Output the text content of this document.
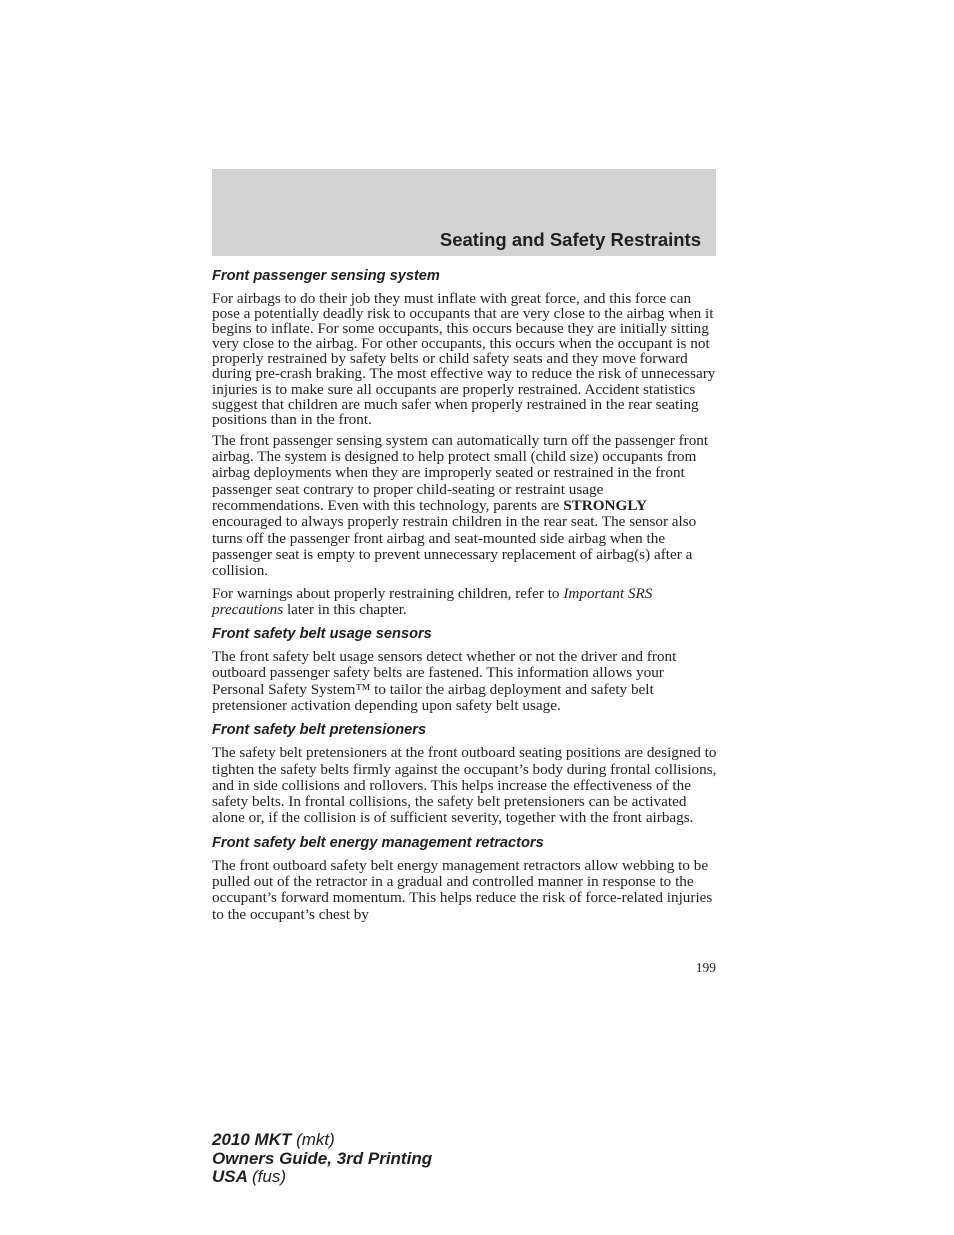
Seating and Safety Restraints
Front passenger sensing system

For airbags to do their job they must inflate with great force, and this force can pose a potentially deadly risk to occupants that are very close to the airbag when it begins to inflate. For some occupants, this occurs because they are initially sitting very close to the airbag. For other occupants, this occurs when the occupant is not properly restrained by safety belts or child safety seats and they move forward during pre-crash braking. The most effective way to reduce the risk of unnecessary injuries is to make sure all occupants are properly restrained. Accident statistics suggest that children are much safer when properly restrained in the rear seating positions than in the front.

The front passenger sensing system can automatically turn off the passenger front airbag. The system is designed to help protect small (child size) occupants from airbag deployments when they are improperly seated or restrained in the front passenger seat contrary to proper child-seating or restraint usage recommendations. Even with this technology, parents are STRONGLY encouraged to always properly restrain children in the rear seat. The sensor also turns off the passenger front airbag and seat-mounted side airbag when the passenger seat is empty to prevent unnecessary replacement of airbag(s) after a collision.

For warnings about properly restraining children, refer to Important SRS precautions later in this chapter.

Front safety belt usage sensors

The front safety belt usage sensors detect whether or not the driver and front outboard passenger safety belts are fastened. This information allows your Personal Safety System™ to tailor the airbag deployment and safety belt pretensioner activation depending upon safety belt usage.

Front safety belt pretensioners

The safety belt pretensioners at the front outboard seating positions are designed to tighten the safety belts firmly against the occupant’s body during frontal collisions, and in side collisions and rollovers. This helps increase the effectiveness of the safety belts. In frontal collisions, the safety belt pretensioners can be activated alone or, if the collision is of sufficient severity, together with the front airbags.

Front safety belt energy management retractors

The front outboard safety belt energy management retractors allow webbing to be pulled out of the retractor in a gradual and controlled manner in response to the occupant’s forward momentum. This helps reduce the risk of force-related injuries to the occupant’s chest by

199
2010 MKT (mkt)
Owners Guide, 3rd Printing
USA (fus)
